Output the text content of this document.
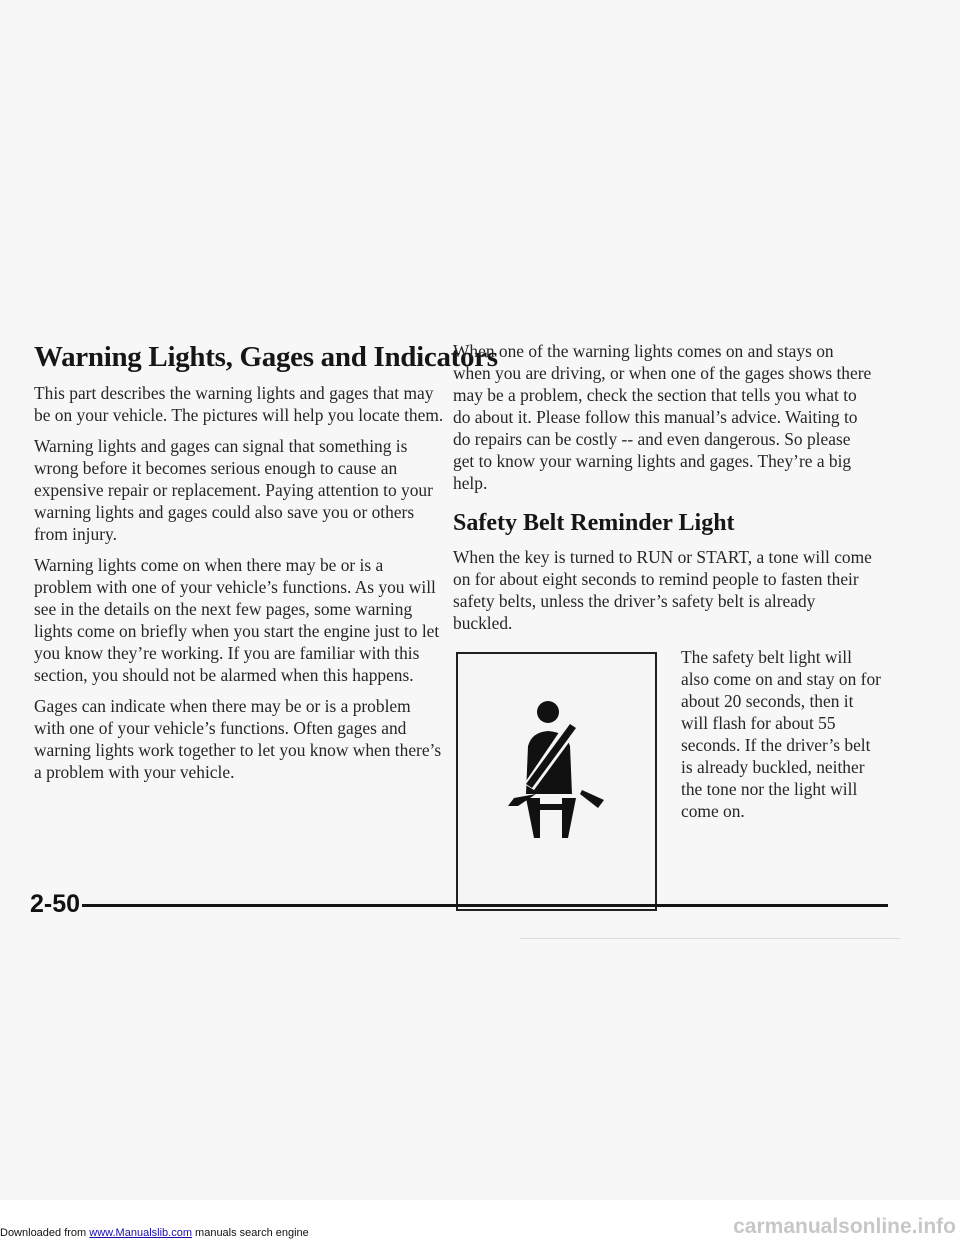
Warning Lights, Gages and Indicators

This part describes the warning lights and gages that may be on your vehicle. The pictures will help you locate them.

Warning lights and gages can signal that something is wrong before it becomes serious enough to cause an expensive repair or replacement. Paying attention to your warning lights and gages could also save you or others from injury.

Warning lights come on when there may be or is a problem with one of your vehicle’s functions. As you will see in the details on the next few pages, some warning lights come on briefly when you start the engine just to let you know they’re working. If you are familiar with this section, you should not be alarmed when this happens.

Gages can indicate when there may be or is a problem with one of your vehicle’s functions. Often gages and warning lights work together to let you know when there’s a problem with your vehicle.

When one of the warning lights comes on and stays on when you are driving, or when one of the gages shows there may be a problem, check the section that tells you what to do about it. Please follow this manual’s advice. Waiting to do repairs can be costly -- and even dangerous. So please get to know your warning lights and gages. They’re a big help.

Safety Belt Reminder Light

When the key is turned to RUN or START, a tone will come on for about eight seconds to remind people to fasten their safety belts, unless the driver’s safety belt is already buckled.

The safety belt light will also come on and stay on for about 20 seconds, then it will flash for about 55 seconds. If the driver’s belt is already buckled, neither the tone nor the light will come on.

2-50
Downloaded from www.Manualslib.com manuals search engine	carmanualsonline.info
